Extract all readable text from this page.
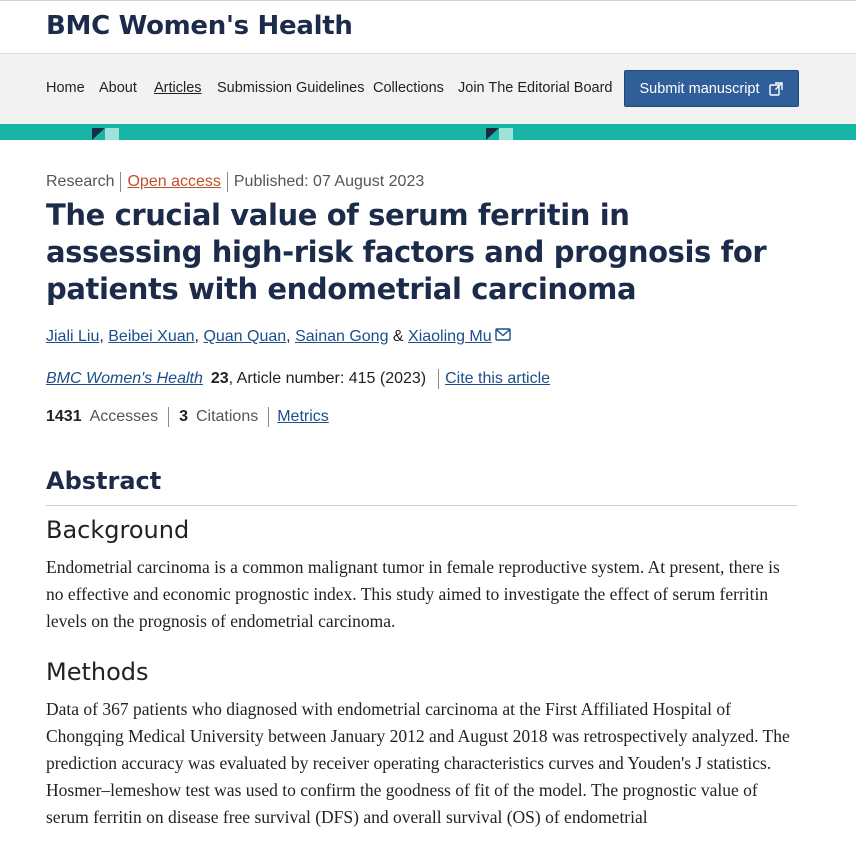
BMC Women's Health
Home About Articles Submission Guidelines Collections Join The Editorial Board Submit manuscript
Research Open access Published: 07 August 2023
The crucial value of serum ferritin in assessing high-risk factors and prognosis for patients with endometrial carcinoma
Jiali Liu, Beibei Xuan, Quan Quan, Sainan Gong & Xiaoling Mu
BMC Women's Health 23 , Article number: 415 (2023) Cite this article
1431 Accesses 3 Citations Metrics
Abstract
Background

Endometrial carcinoma is a common malignant tumor in female reproductive system. At present, there is no effective and economic prognostic index. This study aimed to investigate the effect of serum ferritin levels on the prognosis of endometrial carcinoma.

Methods

Data of 367 patients who diagnosed with endometrial carcinoma at the First Affiliated Hospital of Chongqing Medical University between January 2012 and August 2018 was retrospectively analyzed. The prediction accuracy was evaluated by receiver operating characteristics curves and Youden's J statistics. Hosmer–lemeshow test was used to confirm the goodness of fit of the model. The prognostic value of serum ferritin on disease free survival (DFS) and overall survival (OS) of endometrial
